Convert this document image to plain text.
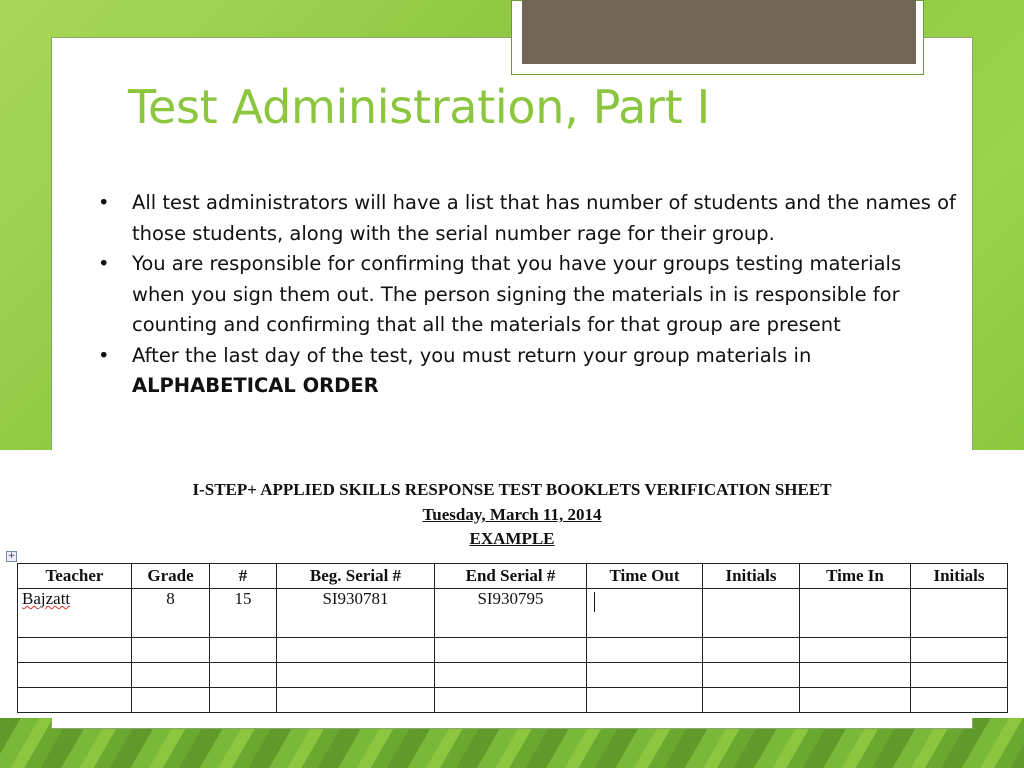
Test Administration, Part I
• All test administrators will have a list that has number of students and the names of those students, along with the serial number rage for their group.
• You are responsible for confirming that you have your groups testing materials when you sign them out. The person signing the materials in is responsible for counting and confirming that all the materials for that group are present
• After the last day of the test, you must return your group materials in ALPHABETICAL ORDER
I-STEP+ APPLIED SKILLS RESPONSE TEST BOOKLETS VERIFICATION SHEET
Tuesday, March 11, 2014
EXAMPLE
+
Teacher	Grade	#	Beg. Serial #	End Serial #	Time Out	Initials	Time In	Initials
Bajzatt	8	15	SI930781	SI930795				
